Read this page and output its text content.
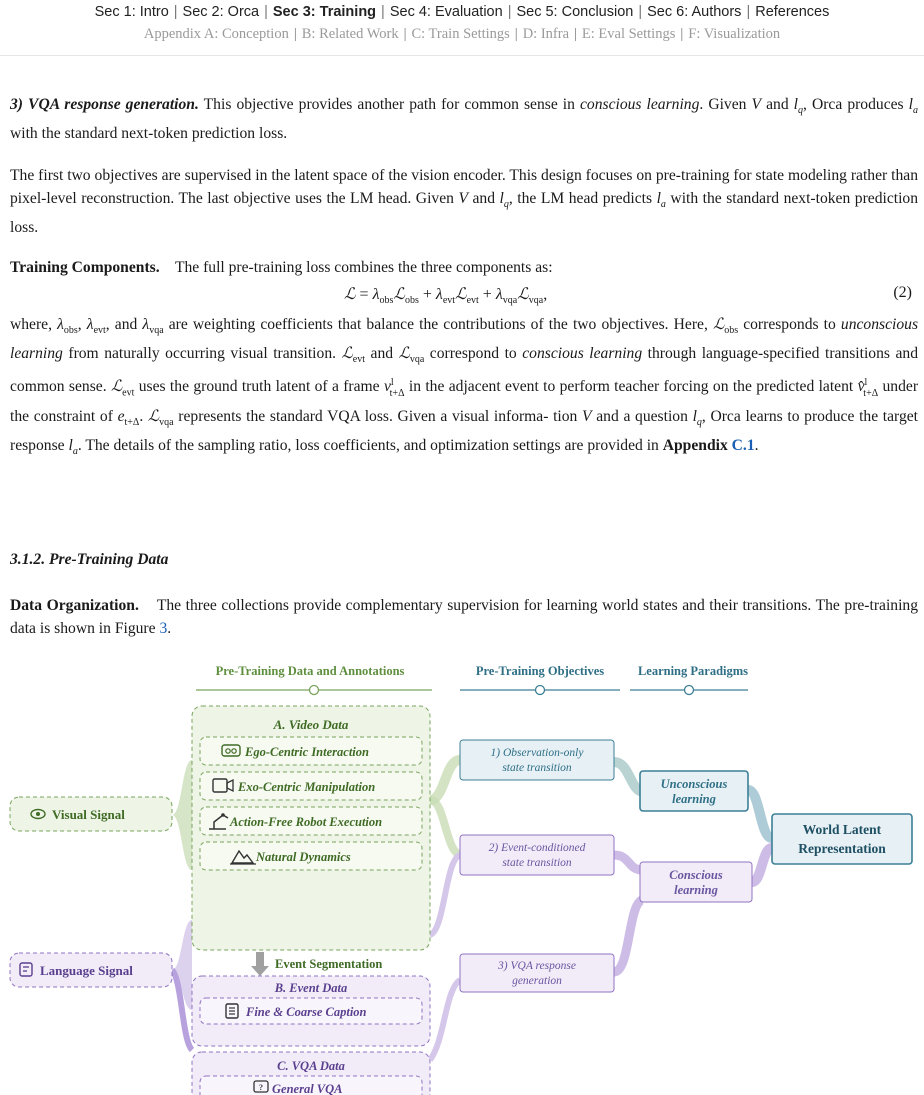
Sec 1: Intro | Sec 2: Orca | Sec 3: Training | Sec 4: Evaluation | Sec 5: Conclusion | Sec 6: Authors | References
Appendix A: Conception | B: Related Work | C: Train Settings | D: Infra | E: Eval Settings | F: Visualization
3) VQA response generation. This objective provides another path for common sense in conscious learning. Given V and $l_q$, Orca produces $l_a$ with the standard next-token prediction loss.
The first two objectives are supervised in the latent space of the vision encoder. This design focuses on pre-training for state modeling rather than pixel-level reconstruction. The last objective uses the LM head. Given V and $l_q$, the LM head predicts $l_a$ with the standard next-token prediction loss.
Training Components. The full pre-training loss combines the three components as:
ℒ = $\lambda_{obs}ℒ_{obs}$ + $\lambda_{evt}ℒ_{evt}$ + $\lambda_{vqa}ℒ_{vqa}$,	(2)
where, $\lambda_{obs}$, $\lambda_{evt}$, and $\lambda_{vqa}$ are weighting coefficients that balance the contributions of the two objectives. Here, ℒ$_{obs}$ corresponds to unconscious learning from naturally occurring visual transition. ℒ$_{evt}$ and ℒ$_{vqa}$ correspond to conscious learning through language-specified transitions and common sense. ℒ$_{evt}$ uses the ground truth latent of a frame $v^l_{t+\Delta}$ in the adjacent event to perform teacher forcing on the predicted latent v̂$^l_{t+\Delta}$ under the constraint of $e_{t+\Delta}$. ℒ$_{vqa}$ represents the standard VQA loss. Given a visual informa- tion V and a question $l_q$, Orca learns to produce the target response $l_a$. The details of the sampling ratio, loss coefficients, and optimization settings are provided in Appendix C.1.
3.1.2. Pre-Training Data
Data Organization. The three collections provide complementary supervision for learning world states and their transitions. The pre-training data is shown in Figure 3.
Pre-Training Data and Annotations	Pre-Training Objectives	Learning Paradigms
Visual Signal
Language Signal
A. Video Data
Ego-Centric Interaction
Exo-Centric Manipulation
Action-Free Robot Execution
Natural Dynamics
Event Segmentation
B. Event Data
Fine & Coarse Caption
C. VQA Data
? General VQA
1) Observation-only
state transition
2) Event-conditioned
state transition
3) VQA response
generation
Unconscious
learning
Conscious
learning
World Latent
Representation
